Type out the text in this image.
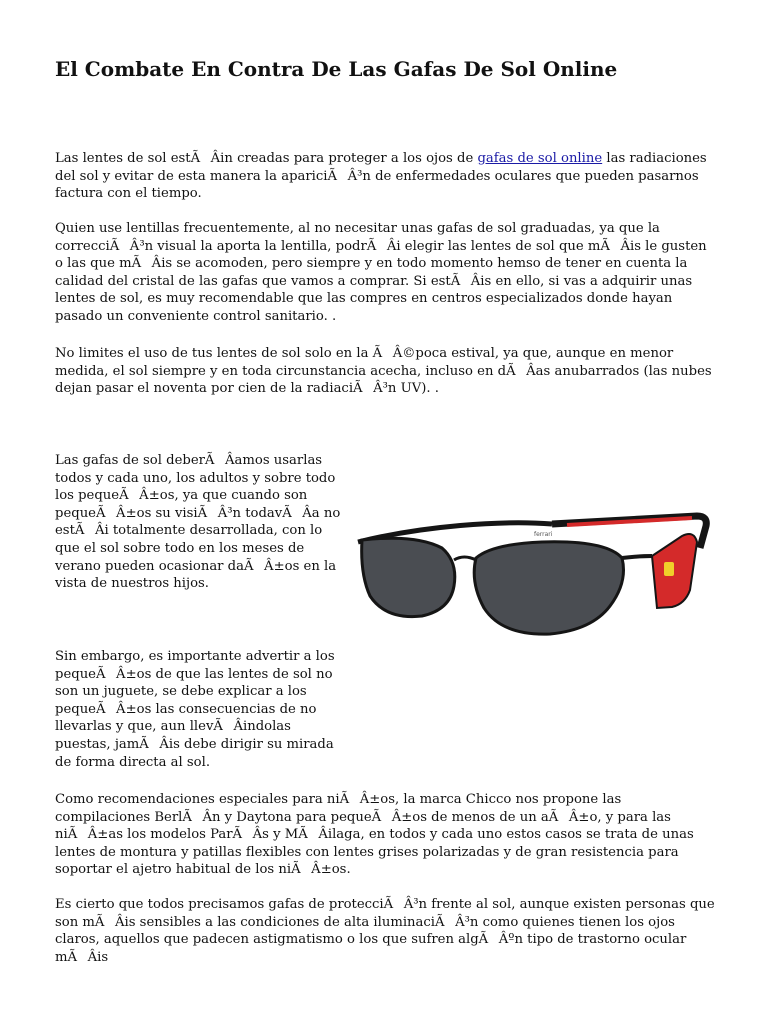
El Combate En Contra De Las Gafas De Sol Online

Las lentes de sol estÃÂin creadas para proteger a los ojos de gafas de sol online las radiaciones del sol y evitar de esta manera la apariciÃÂ³n de enfermedades oculares que pueden pasarnos factura con el tiempo.

Quien use lentillas frecuentemente, al no necesitar unas gafas de sol graduadas, ya que la correcciÃÂ³n visual la aporta la lentilla, podrÃÂi elegir las lentes de sol que mÃÂis le gusten o las que mÃÂis se acomoden, pero siempre y en todo momento hemso de tener en cuenta la calidad del cristal de las gafas que vamos a comprar. Si estÃÂis en ello, si vas a adquirir unas lentes de sol, es muy recomendable que las compres en centros especializados donde hayan pasado un conveniente control sanitario. .

No limites el uso de tus lentes de sol solo en la ÃÂ©poca estival, ya que, aunque en menor medida, el sol siempre y en toda circunstancia acecha, incluso en dÃÂas anubarrados (las nubes dejan pasar el noventa por cien de la radiaciÃÂ³n UV). .

Las gafas de sol deberÃÂamos usarlas todos y cada uno, los adultos y sobre todo los pequeÃÂ±os, ya que cuando son pequeÃÂ±os su visiÃÂ³n todavÃÂa no estÃÂi totalmente desarrollada, con lo que el sol sobre todo en los meses de verano pueden ocasionar daÃÂ±os en la vista de nuestros hijos.

ferrari

Sin embargo, es importante advertir a los pequeÃÂ±os de que las lentes de sol no son un juguete, se debe explicar a los pequeÃÂ±os las consecuencias de no llevarlas y que, aun llevÃÂindolas puestas, jamÃÂis debe dirigir su mirada de forma directa al sol.

Como recomendaciones especiales para niÃÂ±os, la marca Chicco nos propone las compilaciones BerlÃÂn y Daytona para pequeÃÂ±os de menos de un aÃÂ±o, y para las niÃÂ±as los modelos ParÃÂs y MÃÂilaga, en todos y cada uno estos casos se trata de unas lentes de montura y patillas flexibles con lentes grises polarizadas y de gran resistencia para soportar el ajetro habitual de los niÃÂ±os.

Es cierto que todos precisamos gafas de protecciÃÂ³n frente al sol, aunque existen personas que son mÃÂis sensibles a las condiciones de alta iluminaciÃÂ³n como quienes tienen los ojos claros, aquellos que padecen astigmatismo o los que sufren algÃÂºn tipo de trastorno ocular mÃÂis
